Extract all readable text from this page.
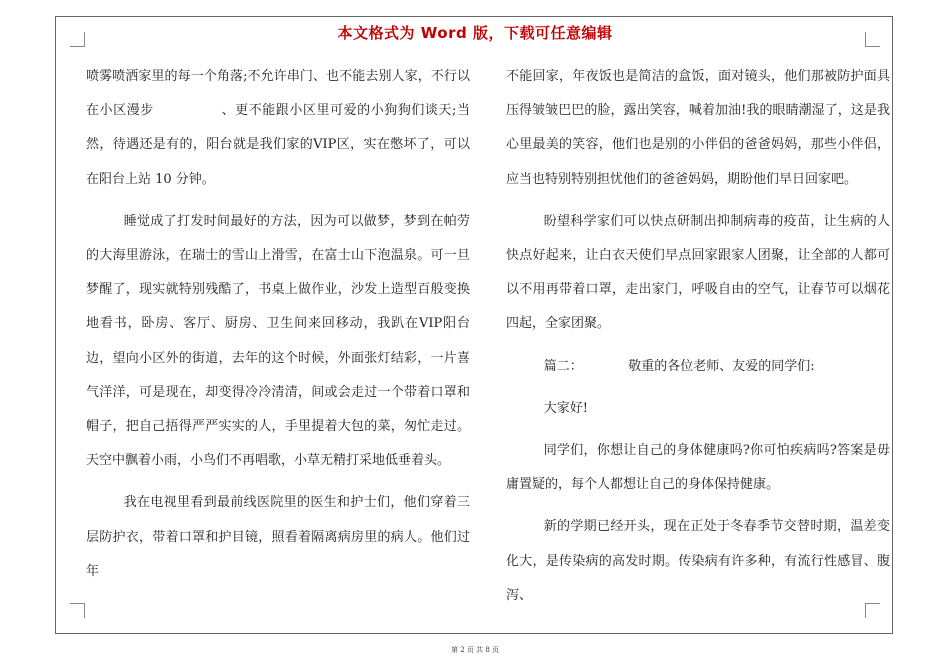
本文格式为 Word 版，下载可任意编辑

喷雾喷洒家里的每一个角落;不允许串门、也不能去别人家，不行以在小区漫步　　　　　、更不能跟小区里可爱的小狗狗们谈天;当然，待遇还是有的，阳台就是我们家的VIP区，实在憋坏了，可以在阳台上站 10 分钟。

睡觉成了打发时间最好的方法，因为可以做梦，梦到在帕劳的大海里游泳，在瑞士的雪山上滑雪，在富士山下泡温泉。可一旦梦醒了，现实就特别残酷了，书桌上做作业，沙发上造型百般变换地看书，卧房、客厅、厨房、卫生间来回移动，我趴在VIP阳台边，望向小区外的街道，去年的这个时候，外面张灯结彩，一片喜气洋洋，可是现在，却变得冷冷清清，间或会走过一个带着口罩和帽子，把自己捂得严严实实的人，手里提着大包的菜，匆忙走过。天空中飘着小雨，小鸟们不再唱歌，小草无精打采地低垂着头。

我在电视里看到最前线医院里的医生和护士们，他们穿着三层防护衣，带着口罩和护目镜，照看着隔离病房里的病人。他们过年

不能回家，年夜饭也是简洁的盒饭，面对镜头，他们那被防护面具压得皱皱巴巴的脸，露出笑容，喊着加油!我的眼睛潮湿了，这是我心里最美的笑容，他们也是别的小伴侣的爸爸妈妈，那些小伴侣，应当也特别特别担忧他们的爸爸妈妈，期盼他们早日回家吧。

盼望科学家们可以快点研制出抑制病毒的疫苗，让生病的人快点好起来，让白衣天使们早点回家跟家人团聚，让全部的人都可以不用再带着口罩，走出家门，呼吸自由的空气，让春节可以烟花四起，全家团聚。

篇二：　　　　敬重的各位老师、友爱的同学们:

大家好!

同学们，你想让自己的身体健康吗?你可怕疾病吗?答案是毋庸置疑的，每个人都想让自己的身体保持健康。

新的学期已经开头，现在正处于冬春季节交替时期，温差变化大，是传染病的高发时期。传染病有许多种，有流行性感冒、腹泻、

第 2 页 共 8 页
